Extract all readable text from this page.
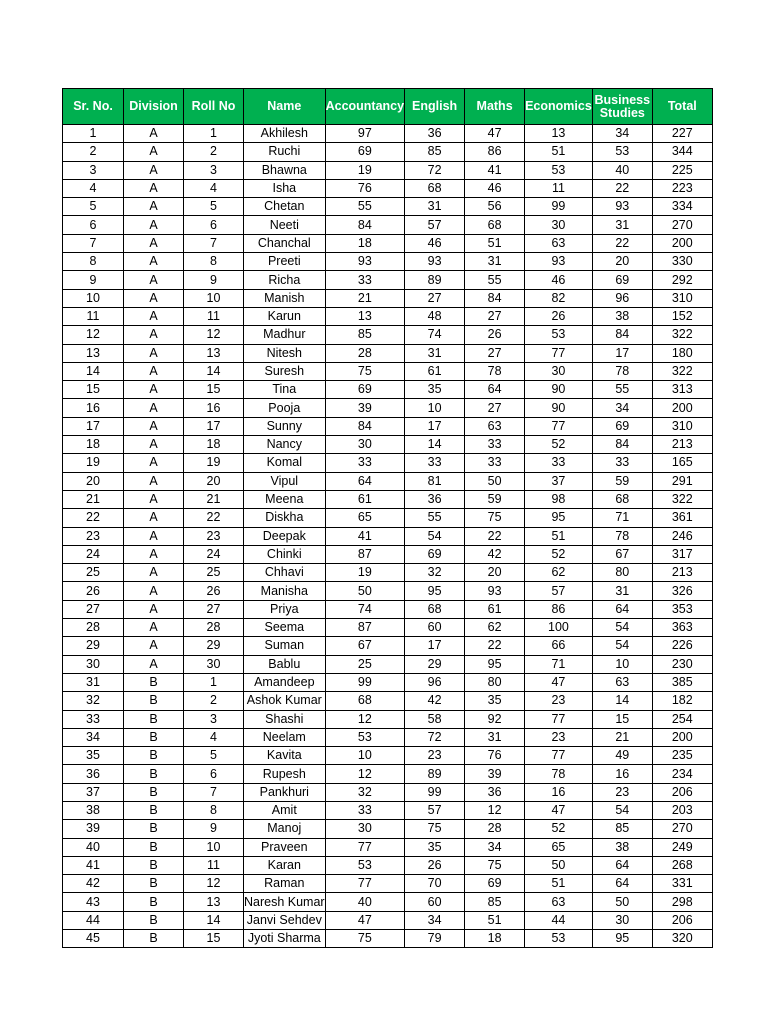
Sr. No.	Division	Roll No	Name	Accountancy	English	Maths	Economics	Business Studies	Total
1	A	1	Akhilesh	97	36	47	13	34	227
2	A	2	Ruchi	69	85	86	51	53	344
3	A	3	Bhawna	19	72	41	53	40	225
4	A	4	Isha	76	68	46	11	22	223
5	A	5	Chetan	55	31	56	99	93	334
6	A	6	Neeti	84	57	68	30	31	270
7	A	7	Chanchal	18	46	51	63	22	200
8	A	8	Preeti	93	93	31	93	20	330
9	A	9	Richa	33	89	55	46	69	292
10	A	10	Manish	21	27	84	82	96	310
11	A	11	Karun	13	48	27	26	38	152
12	A	12	Madhur	85	74	26	53	84	322
13	A	13	Nitesh	28	31	27	77	17	180
14	A	14	Suresh	75	61	78	30	78	322
15	A	15	Tina	69	35	64	90	55	313
16	A	16	Pooja	39	10	27	90	34	200
17	A	17	Sunny	84	17	63	77	69	310
18	A	18	Nancy	30	14	33	52	84	213
19	A	19	Komal	33	33	33	33	33	165
20	A	20	Vipul	64	81	50	37	59	291
21	A	21	Meena	61	36	59	98	68	322
22	A	22	Diskha	65	55	75	95	71	361
23	A	23	Deepak	41	54	22	51	78	246
24	A	24	Chinki	87	69	42	52	67	317
25	A	25	Chhavi	19	32	20	62	80	213
26	A	26	Manisha	50	95	93	57	31	326
27	A	27	Priya	74	68	61	86	64	353
28	A	28	Seema	87	60	62	100	54	363
29	A	29	Suman	67	17	22	66	54	226
30	A	30	Bablu	25	29	95	71	10	230
31	B	1	Amandeep	99	96	80	47	63	385
32	B	2	Ashok Kumar	68	42	35	23	14	182
33	B	3	Shashi	12	58	92	77	15	254
34	B	4	Neelam	53	72	31	23	21	200
35	B	5	Kavita	10	23	76	77	49	235
36	B	6	Rupesh	12	89	39	78	16	234
37	B	7	Pankhuri	32	99	36	16	23	206
38	B	8	Amit	33	57	12	47	54	203
39	B	9	Manoj	30	75	28	52	85	270
40	B	10	Praveen	77	35	34	65	38	249
41	B	11	Karan	53	26	75	50	64	268
42	B	12	Raman	77	70	69	51	64	331
43	B	13	Naresh Kumar	40	60	85	63	50	298
44	B	14	Janvi Sehdev	47	34	51	44	30	206
45	B	15	Jyoti Sharma	75	79	18	53	95	320
